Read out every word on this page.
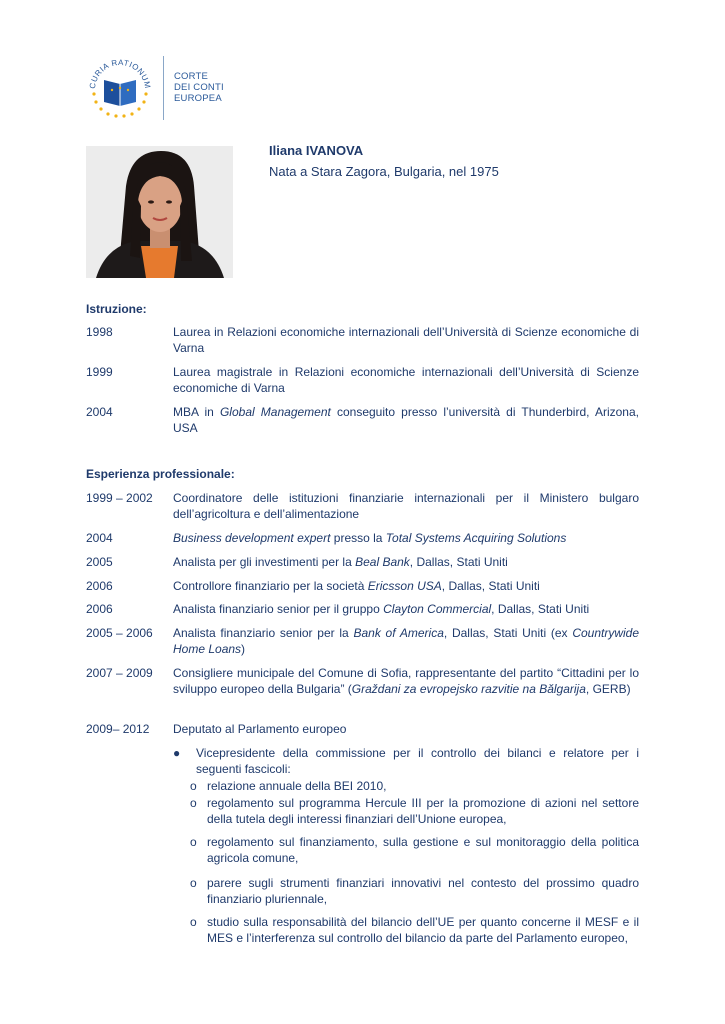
CURIA RATIONUM
CORTE
DEI CONTI
EUROPEA
Iliana IVANOVA
Nata a Stara Zagora, Bulgaria, nel 1975
Istruzione:
1998	Laurea in Relazioni economiche internazionali dell’Università di Scienze economiche di Varna
1999	Laurea magistrale in Relazioni economiche internazionali dell’Università di Scienze economiche di Varna
2004	MBA in Global Management conseguito presso l’università di Thunderbird, Arizona, USA
Esperienza professionale:
1999 – 2002	Coordinatore delle istituzioni finanziarie internazionali per il Ministero bulgaro dell’agricoltura e dell’alimentazione
2004	Business development expert presso la Total Systems Acquiring Solutions
2005	Analista per gli investimenti per la Beal Bank, Dallas, Stati Uniti
2006	Controllore finanziario per la società Ericsson USA, Dallas, Stati Uniti
2006	Analista finanziario senior per il gruppo Clayton Commercial, Dallas, Stati Uniti
2005 – 2006	Analista finanziario senior per la Bank of America, Dallas, Stati Uniti (ex Countrywide Home Loans)
2007 – 2009	Consigliere municipale del Comune di Sofia, rappresentante del partito “Cittadini per lo sviluppo europeo della Bulgaria” (Graždani za evropejsko razvitie na Bălgarija, GERB)
2009– 2012	Deputato al Parlamento europeo
● Vicepresidente della commissione per il controllo dei bilanci e relatore per i seguenti fascicoli:
o relazione annuale della BEI 2010,
o regolamento sul programma Hercule III per la promozione di azioni nel settore della tutela degli interessi finanziari dell’Unione europea,
o regolamento sul finanziamento, sulla gestione e sul monitoraggio della politica agricola comune,
o parere sugli strumenti finanziari innovativi nel contesto del prossimo quadro finanziario pluriennale,
o studio sulla responsabilità del bilancio dell’UE per quanto concerne il MESF e il MES e l’interferenza sul controllo del bilancio da parte del Parlamento europeo,
